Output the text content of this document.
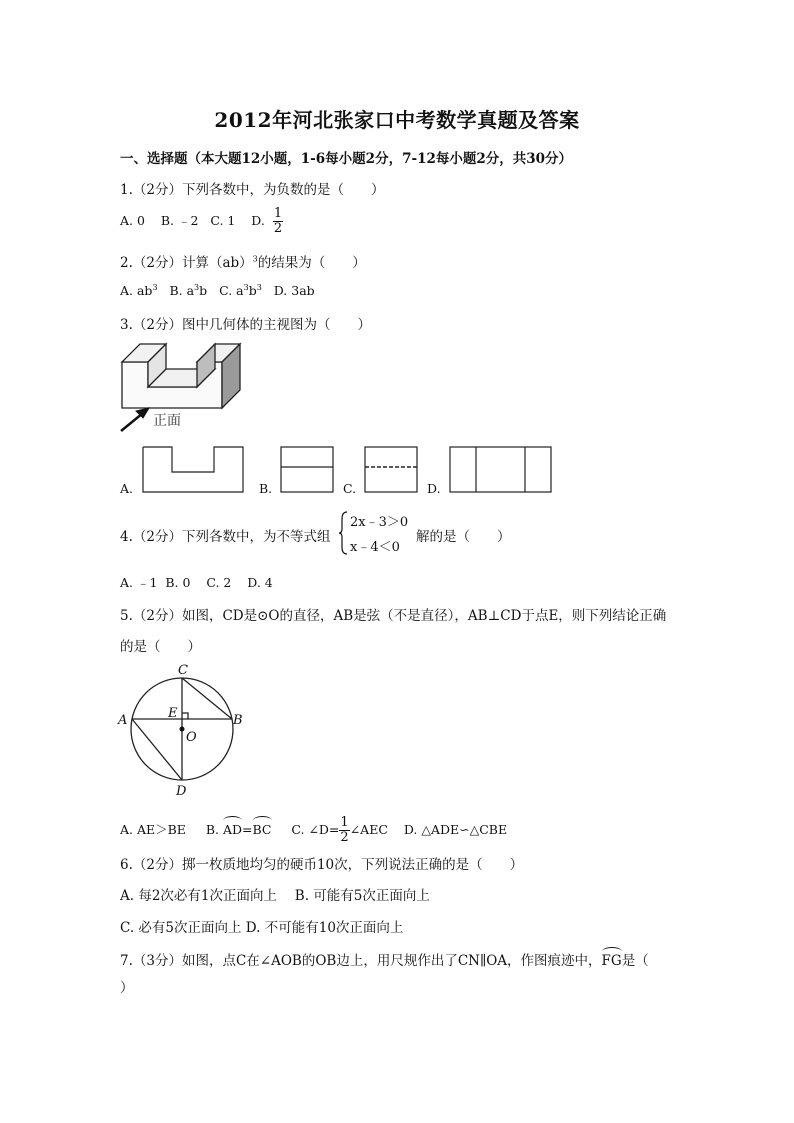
2012年河北张家口中考数学真题及答案
一、选择题（本大题12小题，1-6每小题2分，7-12每小题2分，共30分）
1.（2分）下列各数中，为负数的是（　　）
A. 0 B. ﹣2 C. 1 D. $\frac{1}{2}$
2.（2分）计算（ab）$^3$的结果为（　　）
A. $ab^3$ B. $a^3b$ C. $a^3b^3$ D. 3ab
3.（2分）图中几何体的主视图为（　　）
正面
A.	B.	C.	D.
4.（2分）下列各数中，为不等式组
2x﹣3＞0
x﹣4＜0
解的是（　　）
A. ﹣1  B. 0    C. 2    D. 4
5.（2分）如图，CD是⊙O的直径，AB是弦（不是直径），AB⊥CD于点E，则下列结论正确
的是（　　）
C
A	B
E
O
D
A. AE＞BE B. AD=BC C. ∠D= $\frac{1}{2}$ ∠AEC D. △ADE∽△CBE
6.（2分）掷一枚质地均匀的硬币10次，下列说法正确的是（　　）
A. 每2次必有1次正面向上　 B. 可能有5次正面向上
C. 必有5次正面向上 D. 不可能有10次正面向上
7.（3分）如图，点C在∠AOB的OB边上，用尺规作出了CN∥OA，作图痕迹中，FG是（
）
